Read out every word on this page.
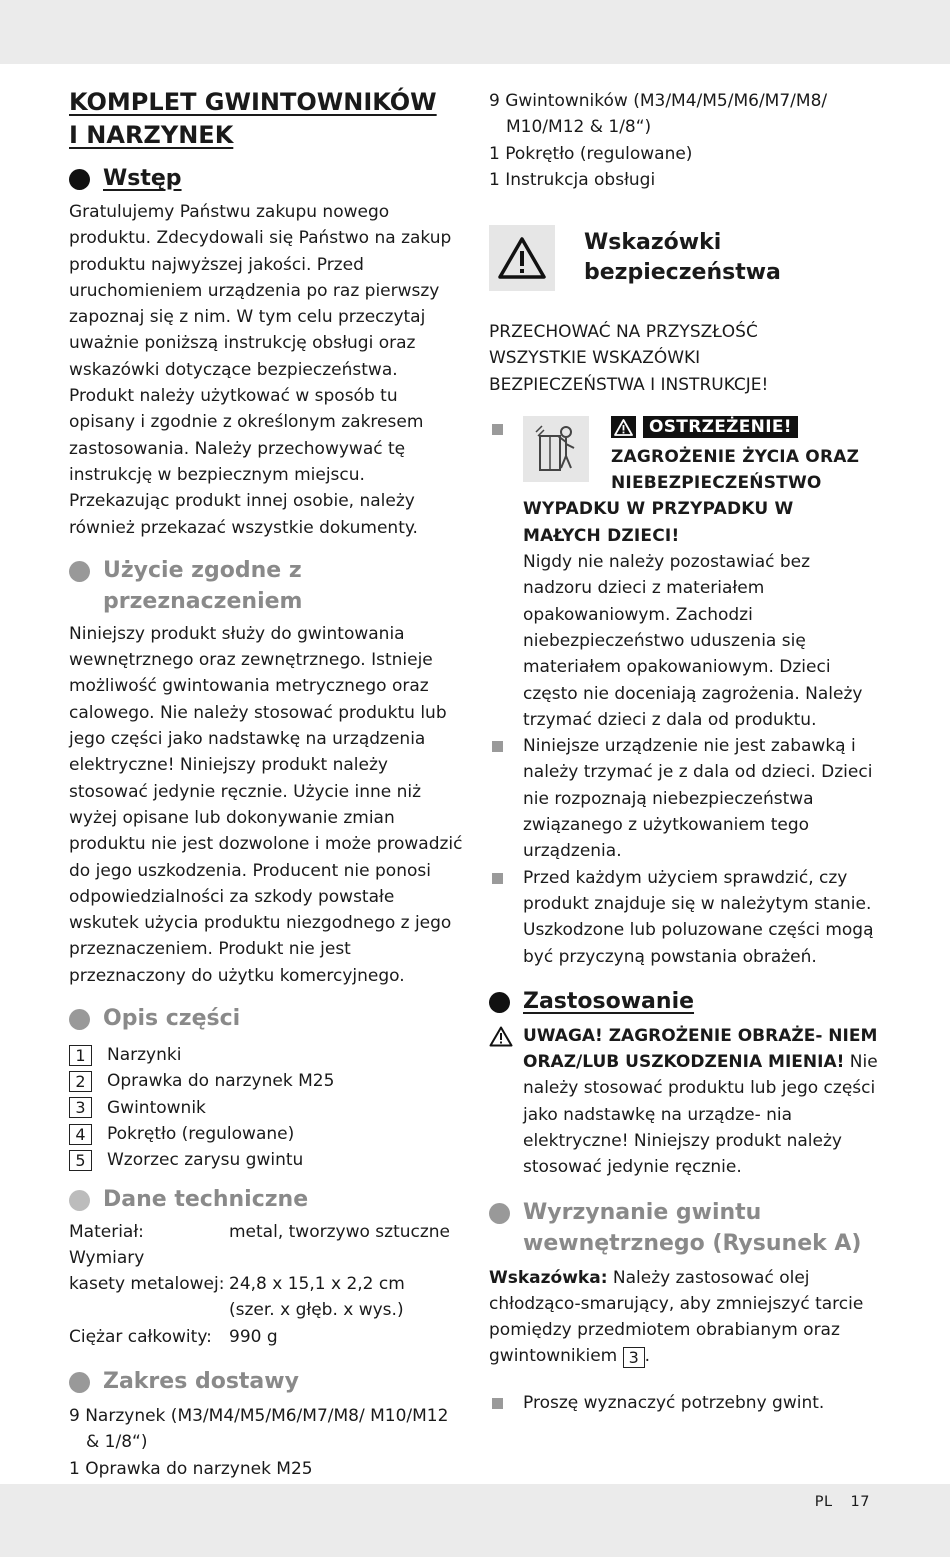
KOMPLET GWINTOWNIKÓW
I NARZYNEK
Wstęp

Gratulujemy Państwu zakupu nowego produktu. Zdecydowali się Państwo na zakup produktu najwyższej jakości. Przed uruchomieniem urządzenia po raz pierwszy zapoznaj się z nim. W tym celu przeczytaj uważnie poniższą instrukcję obsługi oraz wskazówki dotyczące bezpieczeństwa. Produkt należy użytkować w sposób tu opisany i zgodnie z określonym zakresem zastosowania. Należy przechowywać tę instrukcję w bezpiecznym miejscu. Przekazując produkt innej osobie, należy również przekazać wszystkie dokumenty.

Użycie zgodne z
przeznaczeniem

Niniejszy produkt służy do gwintowania wewnętrznego oraz zewnętrznego. Istnieje możliwość gwintowania metrycznego oraz calowego. Nie należy stosować produktu lub jego części jako nadstawkę na urządzenia elektryczne! Niniejszy produkt należy stosować jedynie ręcznie. Użycie inne niż wyżej opisane lub dokonywanie zmian produktu nie jest dozwolone i może prowadzić do jego uszkodzenia. Producent nie ponosi odpowiedzialności za szkody powstałe wskutek użycia produktu niezgodnego z jego przeznaczeniem. Produkt nie jest przeznaczony do użytku komercyjnego.

Opis części
1	Narzynki
2	Oprawka do narzynek M25
3	Gwintownik
4	Pokrętło (regulowane)
5	Wzorzec zarysu gwintu
Dane techniczne
Materiał:	metal, tworzywo sztuczne
Wymiary
kasety metalowej: 24,8 x 15,1 x 2,2 cm
(szer. x głęb. x wys.)
Ciężar całkowity:	990 g
Zakres dostawy

9 Narzynek (M3/M4/M5/M6/M7/M8/ M10/M12 & 1/8“)

1 Oprawka do narzynek M25

9 Gwintowników (M3/M4/M5/M6/M7/M8/ M10/M12 & 1/8“)

1 Pokrętło (regulowane)

1 Instrukcja obsługi

Wskazówki
bezpieczeństwa

PRZECHOWAĆ NA PRZYSZŁOŚĆ WSZYSTKIE WSKAZÓWKI BEZPIECZEŃSTWA I INSTRUKCJE!

OSTRZEŻENIE!
ZAGROŻENIE ŻYCIA ORAZ
NIEBEZPIECZEŃSTWO
WYPADKU W PRZYPADKU W MAŁYCH DZIECI!
Nigdy nie należy pozostawiać bez nadzoru dzieci z materiałem opakowaniowym. Zachodzi niebezpieczeństwo uduszenia się materiałem opakowaniowym. Dzieci często nie doceniają zagrożenia. Należy trzymać dzieci z dala od produktu.
Niniejsze urządzenie nie jest zabawką i należy trzymać je z dala od dzieci. Dzieci nie rozpoznają niebezpieczeństwa związanego z użytkowaniem tego urządzenia.
Przed każdym użyciem sprawdzić, czy produkt znajduje się w należytym stanie. Uszkodzone lub poluzowane części mogą być przyczyną powstania obrażeń.
Zastosowanie
UWAGA! ZAGROŻENIE OBRAŻE- NIEM ORAZ/LUB USZKODZENIA MIENIA! Nie należy stosować produktu lub jego części jako nadstawkę na urządze- nia elektryczne! Niniejszy produkt należy stosować jedynie ręcznie.
Wyrzynanie gwintu
wewnętrznego (Rysunek A)

Wskazówka: Należy zastosować olej chłodząco-smarujący, aby zmniejszyć tarcie pomiędzy przedmiotem obrabianym oraz gwintownikiem 3 .

Proszę wyznaczyć potrzebny gwint.
PL 17
